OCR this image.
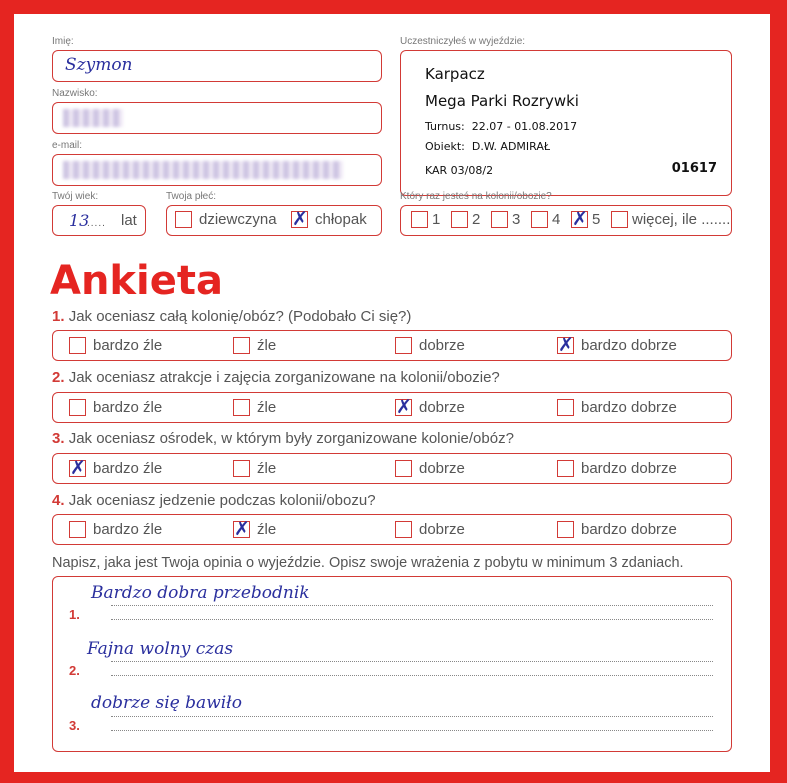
Imię:
Szymon
Nazwisko:
e-mail:
Twój wiek:
13
..... lat
Twoja płeć:
dziewczyna ✗	chłopak
Uczestniczyłeś w wyjeździe:
Karpacz
Mega Parki Rozrywki
Turnus: 22.07 - 01.08.2017
Obiekt: D.W. ADMIRAŁ
KAR 03/08/2	01617
Który raz jesteś na kolonii/obozie?
1	2	3	4 ✗	5 więcej, ile .......
Ankieta
1. Jak oceniasz całą kolonię/obóz? (Podobało Ci się?)
bardzo źle	źle	dobrze ✗	bardzo dobrze
2. Jak oceniasz atrakcje i zajęcia zorganizowane na kolonii/obozie?
bardzo źle	źle ✗	dobrze	bardzo dobrze
3. Jak oceniasz ośrodek, w którym były zorganizowane kolonie/obóz?
✗
bardzo źle	źle	dobrze	bardzo dobrze
4. Jak oceniasz jedzenie podczas kolonii/obozu?
bardzo źle ✗	źle	dobrze	bardzo dobrze
Napisz, jaka jest Twoja opinia o wyjeździe. Opisz swoje wrażenia z pobytu w minimum 3 zdaniach.
1.
2.
3.
Bardzo dobra przebodnik
Fajna wolny czas
dobrze się bawiło
